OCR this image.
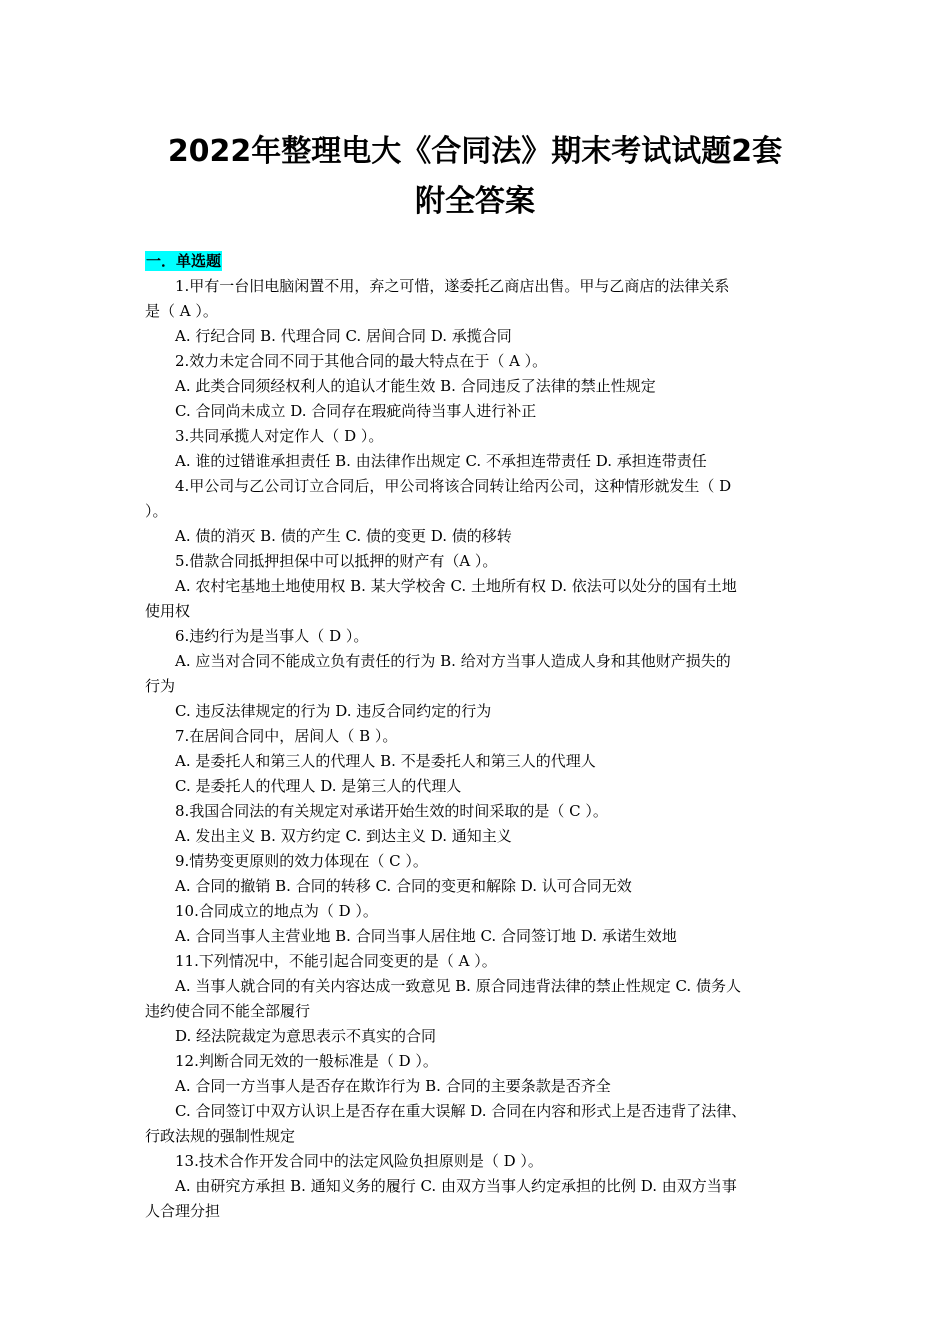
2022年整理电大《合同法》期末考试试题2套
附全答案
一．单选题
1.甲有一台旧电脑闲置不用，弃之可惜，遂委托乙商店出售。甲与乙商店的法律关系
是（ A ）。
A. 行纪合同 B. 代理合同 C. 居间合同 D. 承揽合同
2.效力未定合同不同于其他合同的最大特点在于（ A ）。
A. 此类合同须经权利人的追认才能生效 B. 合同违反了法律的禁止性规定
C. 合同尚未成立 D. 合同存在瑕疵尚待当事人进行补正
3.共同承揽人对定作人（ D ）。
A. 谁的过错谁承担责任 B. 由法律作出规定 C. 不承担连带责任 D. 承担连带责任
4.甲公司与乙公司订立合同后，甲公司将该合同转让给丙公司，这种情形就发生（ D
）。
A. 债的消灭 B. 债的产生 C. 债的变更 D. 债的移转
5.借款合同抵押担保中可以抵押的财产有（A ）。
A. 农村宅基地土地使用权 B. 某大学校舍 C. 土地所有权 D. 依法可以处分的国有土地
使用权
6.违约行为是当事人（ D ）。
A. 应当对合同不能成立负有责任的行为 B. 给对方当事人造成人身和其他财产损失的
行为
C. 违反法律规定的行为 D. 违反合同约定的行为
7.在居间合同中，居间人（ B ）。
A. 是委托人和第三人的代理人 B. 不是委托人和第三人的代理人
C. 是委托人的代理人 D. 是第三人的代理人
8.我国合同法的有关规定对承诺开始生效的时间采取的是（ C ）。
A. 发出主义 B. 双方约定 C. 到达主义 D. 通知主义
9.情势变更原则的效力体现在（ C ）。
A. 合同的撤销 B. 合同的转移 C. 合同的变更和解除 D. 认可合同无效
10.合同成立的地点为（ D ）。
A. 合同当事人主营业地 B. 合同当事人居住地 C. 合同签订地 D. 承诺生效地
11.下列情况中，不能引起合同变更的是（ A ）。
A. 当事人就合同的有关内容达成一致意见 B. 原合同违背法律的禁止性规定 C. 债务人
违约使合同不能全部履行
D. 经法院裁定为意思表示不真实的合同
12.判断合同无效的一般标准是（ D ）。
A. 合同一方当事人是否存在欺诈行为 B. 合同的主要条款是否齐全
C. 合同签订中双方认识上是否存在重大误解 D. 合同在内容和形式上是否违背了法律、
行政法规的强制性规定
13.技术合作开发合同中的法定风险负担原则是（ D ）。
A. 由研究方承担 B. 通知义务的履行 C. 由双方当事人约定承担的比例 D. 由双方当事
人合理分担
